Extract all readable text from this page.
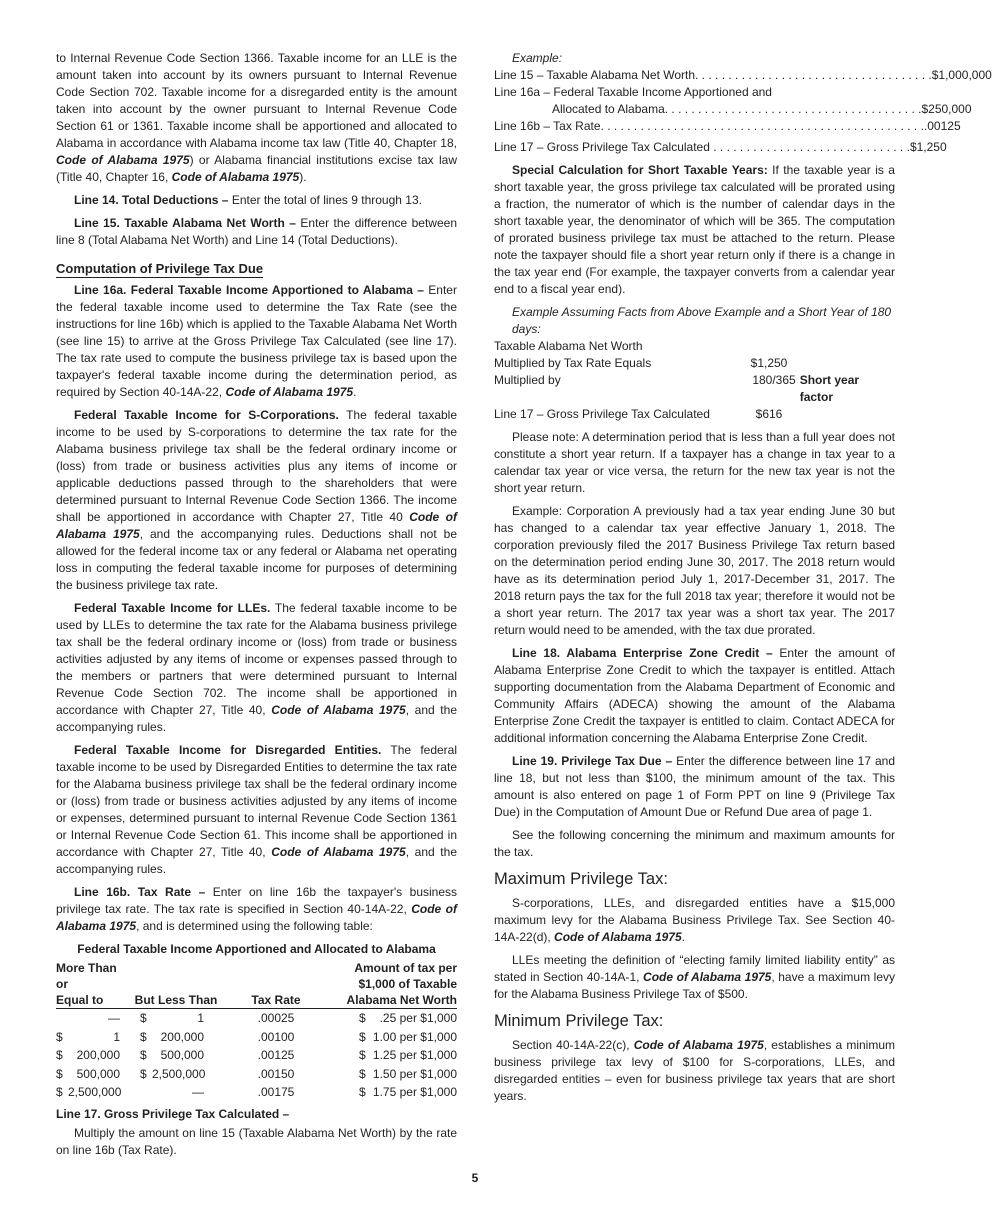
to Internal Revenue Code Section 1366. Taxable income for an LLE is the amount taken into account by its owners pursuant to Internal Revenue Code Section 702. Taxable income for a disregarded entity is the amount taken into account by the owner pursuant to Internal Revenue Code Section 61 or 1361. Taxable income shall be apportioned and allocated to Alabama in accordance with Alabama income tax law (Title 40, Chapter 18, Code of Alabama 1975) or Alabama financial institutions excise tax law (Title 40, Chapter 16, Code of Alabama 1975).

Line 14. Total Deductions – Enter the total of lines 9 through 13.

Line 15. Taxable Alabama Net Worth – Enter the difference between line 8 (Total Alabama Net Worth) and Line 14 (Total Deductions).

Computation of Privilege Tax Due

Line 16a. Federal Taxable Income Apportioned to Alabama – Enter the federal taxable income used to determine the Tax Rate (see the instructions for line 16b) which is applied to the Taxable Alabama Net Worth (see line 15) to arrive at the Gross Privilege Tax Calculated (see line 17). The tax rate used to compute the business privilege tax is based upon the taxpayer's federal taxable income during the determination period, as required by Section 40-14A-22, Code of Alabama 1975.

Federal Taxable Income for S-Corporations. The federal taxable income to be used by S-corporations to determine the tax rate for the Alabama business privilege tax shall be the federal ordinary income or (loss) from trade or business activities plus any items of income or applicable deductions passed through to the shareholders that were determined pursuant to Internal Revenue Code Section 1366. The income shall be apportioned in accordance with Chapter 27, Title 40 Code of Alabama 1975, and the accompanying rules. Deductions shall not be allowed for the federal income tax or any federal or Alabama net operating loss in computing the federal taxable income for purposes of determining the business privilege tax rate.

Federal Taxable Income for LLEs. The federal taxable income to be used by LLEs to determine the tax rate for the Alabama business privilege tax shall be the federal ordinary income or (loss) from trade or business activities adjusted by any items of income or expenses passed through to the members or partners that were determined pursuant to Internal Revenue Code Section 702. The income shall be apportioned in accordance with Chapter 27, Title 40, Code of Alabama 1975, and the accompanying rules.

Federal Taxable Income for Disregarded Entities. The federal taxable income to be used by Disregarded Entities to determine the tax rate for the Alabama business privilege tax shall be the federal ordinary income or (loss) from trade or business activities adjusted by any items of income or expenses, determined pursuant to internal Revenue Code Section 1361 or Internal Revenue Code Section 61. This income shall be apportioned in accordance with Chapter 27, Title 40, Code of Alabama 1975, and the accompanying rules.

Line 16b. Tax Rate – Enter on line 16b the taxpayer's business privilege tax rate. The tax rate is specified in Section 40-14A-22, Code of Alabama 1975, and is determined using the following table:

Federal Taxable Income Apportioned and Allocated to Alabama
More Than or
Equal to	But Less Than	Tax Rate	Amount of tax per
$1,000 of Taxable
Alabama Net Worth
—	$ 1	.00025	$ .25 per $1,000
$ 1	$ 200,000	.00100	$ 1.00 per $1,000
$ 200,000	$ 500,000	.00125	$ 1.25 per $1,000
$ 500,000	$ 2,500,000	.00150	$ 1.50 per $1,000
$ 2,500,000	—	.00175	$ 1.75 per $1,000

Line 17. Gross Privilege Tax Calculated –

Multiply the amount on line 15 (Taxable Alabama Net Worth) by the rate on line 16b (Tax Rate).

Example:
Line 15 – Taxable Alabama Net Worth. . . . . . . . . . . . . . . . . . . . . . . . . . . . . . . . . . . . $1,000,000
Line 16a – Federal Taxable Income Apportioned and
Allocated to Alabama. . . . . . . . . . . . . . . . . . . . . . . . . . . . . . . . . . . . . . . $ 250,000
Line 16b – Tax Rate. . . . . . . . . . . . . . . . . . . . . . . . . . . . . . . . . . . . . . . . . . . . . . . . . .00125
Line 17 – Gross Privilege Tax Calculated . . . . . . . . . . . . . . . . . . . . . . . . . . . . . . $ 1,250

Special Calculation for Short Taxable Years: If the taxable year is a short taxable year, the gross privilege tax calculated will be prorated using a fraction, the numerator of which is the number of calendar days in the short taxable year, the denominator of which will be 365. The computation of prorated business privilege tax must be attached to the return. Please note the taxpayer should file a short year return only if there is a change in the tax year end (For example, the taxpayer converts from a calendar year end to a fiscal year end).

Example Assuming Facts from Above Example and a Short Year of 180 days:
Taxable Alabama Net Worth
Multiplied by Tax Rate Equals	$1,250
Multiplied by	180/365 Short year factor
Line 17 – Gross Privilege Tax Calculated	$616

Please note: A determination period that is less than a full year does not constitute a short year return. If a taxpayer has a change in tax year to a calendar tax year or vice versa, the return for the new tax year is not the short year return.

Example: Corporation A previously had a tax year ending June 30 but has changed to a calendar tax year effective January 1, 2018. The corporation previously filed the 2017 Business Privilege Tax return based on the determination period ending June 30, 2017. The 2018 return would have as its determination period July 1, 2017-December 31, 2017. The 2018 return pays the tax for the full 2018 tax year; therefore it would not be a short year return. The 2017 tax year was a short tax year. The 2017 return would need to be amended, with the tax due prorated.

Line 18. Alabama Enterprise Zone Credit – Enter the amount of Alabama Enterprise Zone Credit to which the taxpayer is entitled. Attach supporting documentation from the Alabama Department of Economic and Community Affairs (ADECA) showing the amount of the Alabama Enterprise Zone Credit the taxpayer is entitled to claim. Contact ADECA for additional information concerning the Alabama Enterprise Zone Credit.

Line 19. Privilege Tax Due – Enter the difference between line 17 and line 18, but not less than $100, the minimum amount of the tax. This amount is also entered on page 1 of Form PPT on line 9 (Privilege Tax Due) in the Computation of Amount Due or Refund Due area of page 1.

See the following concerning the minimum and maximum amounts for the tax.

Maximum Privilege Tax:

S-corporations, LLEs, and disregarded entities have a $15,000 maximum levy for the Alabama Business Privilege Tax. See Section 40-14A-22(d), Code of Alabama 1975.

LLEs meeting the definition of “electing family limited liability entity” as stated in Section 40-14A-1, Code of Alabama 1975, have a maximum levy for the Alabama Business Privilege Tax of $500.

Minimum Privilege Tax:

Section 40-14A-22(c), Code of Alabama 1975, establishes a minimum business privilege tax levy of $100 for S-corporations, LLEs, and disregarded entities – even for business privilege tax years that are short years.

5
